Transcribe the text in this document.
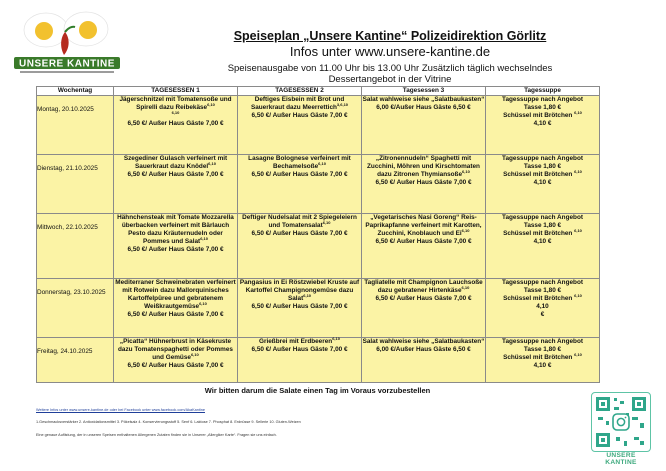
UNSERE KANTINE
Speiseplan „Unsere Kantine“ Polizeidirektion Görlitz
Infos unter www.unsere-kantine.de
Speisenausgabe von 11.00 Uhr bis 13.00 Uhr Zusätzlich täglich wechselndes
Dessertangebot in der Vitrine
Wochentag	TAGESESSEN 1	TAGESESSEN 2	Tagesessen 3	Tagessuppe

Montag, 20.10.2025	Jägerschnitzel mit Tomatensoße und Spirelli dazu Reibekäse$^{6,10}$
$^{6,10}$
6,50 €/ Außer Haus Gäste 7,00 €	Deftiges Eisbein mit Brot und Sauerkraut dazu Meerrettich$^{3,6,10}$
6,50 €/ Außer Haus Gäste 7,00 €	Salat wahlweise siehe „Salatbaukasten“
6,00 €/Außer Haus Gäste 6,50 €	Tagessuppe nach Angebot
Tasse 1,80 €
Schüssel mit Brötchen $^{6,10}$
4,10 €

Dienstag, 21.10.2025	Szegediner Gulasch verfeinert mit Sauerkraut dazu Knödel$^{6,10}$
6,50 €/ Außer Haus Gäste 7,00 €	Lasagne Bolognese verfeinert mit Bechamelsoße$^{6,10}$
6,50 €/ Außer Haus Gäste 7,00 €	„Zitronennudeln“ Spaghetti mit Zucchini, Möhren und Kirschtomaten dazu Zitronen Thymiansoße$^{6,10}$
6,50 €/ Außer Haus Gäste 7,00 €	Tagessuppe nach Angebot
Tasse 1,80 €
Schüssel mit Brötchen $^{6,10}$
4,10 €

Mittwoch, 22.10.2025	Hähnchensteak mit Tomate Mozzarella überbacken verfeinert mit Bärlauch Pesto dazu Kräuternudeln oder Pommes und Salat$^{6,10}$
6,50 €/ Außer Haus Gäste 7,00 €	Deftiger Nudelsalat mit 2 Spiegeleiern und Tomatensalat$^{6,10}$
6,50 €/ Außer Haus Gäste 7,00 €	„Vegetarisches Nasi Goreng“ Reis-Paprikapfanne verfeinert mit Karotten, Zucchini, Knoblauch und Ei$^{6,10}$
6,50 €/ Außer Haus Gäste 7,00 €	Tagessuppe nach Angebot
Tasse 1,80 €
Schüssel mit Brötchen $^{6,10}$
4,10 €

Donnerstag, 23.10.2025	Mediterraner Schweinebraten verfeinert mit Rotwein dazu Mallorquinisches Kartoffelpüree und gebratenem Weißkrautgemüse$^{6,10}$
6,50 €/ Außer Haus Gäste 7,00 €	Pangasius in Ei Röstzwiebel Kruste auf Kartoffel Champignongemüse dazu Salat$^{6,10}$
6,50 €/ Außer Haus Gäste 7,00 €	Tagliatelle mit Champignon Lauchsoße dazu gebratener Hirtenkäse$^{6,10}$
6,50 €/ Außer Haus Gäste 7,00 €	Tagessuppe nach Angebot
Tasse 1,80 €
Schüssel mit Brötchen $^{6,10}$
4,10
€

Freitag, 24.10.2025	„Picatta“ Hühnerbrust in Käsekruste dazu Tomatenspaghetti oder Pommes und Gemüse$^{6,10}$
6,50 €/ Außer Haus Gäste 7,00 €	Grießbrei mit Erdbeeren$^{6,10}$
6,50 €/ Außer Haus Gäste 7,00 €	Salat wahlweise siehe „Salatbaukasten“
6,00 €/Außer Haus Gäste 6,50 €	Tagessuppe nach Angebot
Tasse 1,80 €
Schüssel mit Brötchen $^{6,10}$
4,10 €
Wir bitten darum die Salate einen Tag im Voraus vorzubestellen
Weitere Infos unter www.unsere-kantine.de oder bei Facebook unter www.facebook.com/AkaKantine
1.Geschmacksverstärker 2. Antioxidationsmittel 3. Pökelsalz 4. Konservierungsstoff 5. Senf 6. Laktose 7. Phosphat 8. Erdnüsse 9. Sellerie 10. Gluten-Weizen
Eine genaue Auflistung, der in unseren Speisen enthaltenen Allergenen Zutaten finden sie in Unserer „Allergiker Karte“. Fragen sie uns einfach.
UNSERE KANTINE
